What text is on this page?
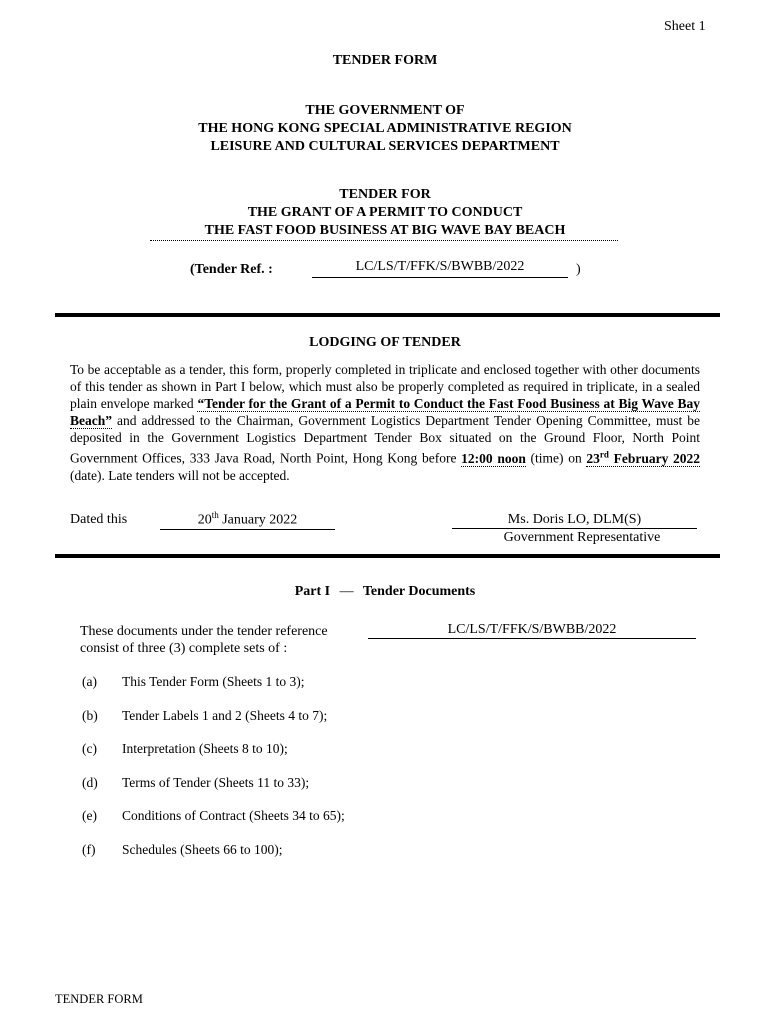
Sheet 1
TENDER FORM
THE GOVERNMENT OF
THE HONG KONG SPECIAL ADMINISTRATIVE REGION
LEISURE AND CULTURAL SERVICES DEPARTMENT
TENDER FOR
THE GRANT OF A PERMIT TO CONDUCT
THE FAST FOOD BUSINESS AT BIG WAVE BAY BEACH
(Tender Ref. :	LC/LS/T/FFK/S/BWBB/2022	)
LODGING OF TENDER
To be acceptable as a tender, this form, properly completed in triplicate and enclosed together with other documents of this tender as shown in Part I below, which must also be properly completed as required in triplicate, in a sealed plain envelope marked “Tender for the Grant of a Permit to Conduct the Fast Food Business at Big Wave Bay Beach” and addressed to the Chairman, Government Logistics Department Tender Opening Committee, must be deposited in the Government Logistics Department Tender Box situated on the Ground Floor, North Point Government Offices, 333 Java Road, North Point, Hong Kong before 12:00 noon (time) on 23rd February 2022 (date). Late tenders will not be accepted.
Dated this	20th January 2022	Ms. Doris LO, DLM(S)
Government Representative
Part I — Tender Documents
These documents under the tender reference	LC/LS/T/FFK/S/BWBB/2022
consist of three (3) complete sets of :
(a) This Tender Form (Sheets 1 to 3);
(b) Tender Labels 1 and 2 (Sheets 4 to 7);
(c) Interpretation (Sheets 8 to 10);
(d) Terms of Tender (Sheets 11 to 33);
(e) Conditions of Contract (Sheets 34 to 65);
(f) Schedules (Sheets 66 to 100);
TENDER FORM
